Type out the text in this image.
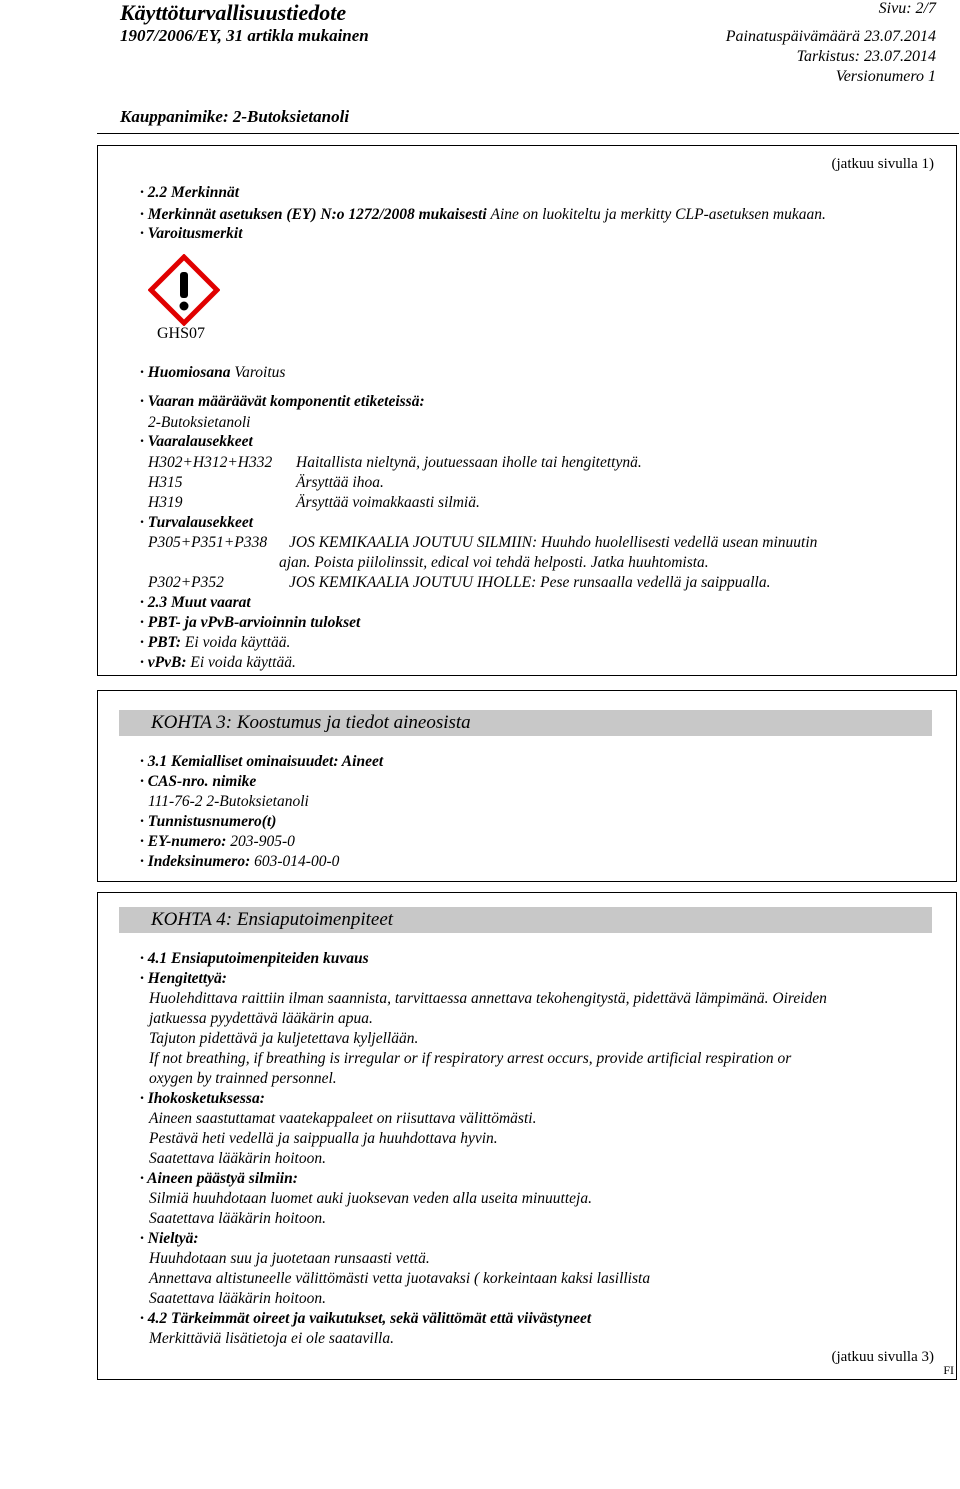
Käyttöturvallisuustiedote
1907/2006/EY, 31 artikla mukainen
Sivu: 2/7
Painatuspäivämäärä 23.07.2014
Tarkistus: 23.07.2014
Versionumero 1
Kauppanimike: 2-Butoksietanoli
(jatkuu sivulla 1)
· 2.2 Merkinnät
· Merkinnät asetuksen (EY) N:o 1272/2008 mukaisesti Aine on luokiteltu ja merkitty CLP-asetuksen mukaan.
· Varoitusmerkit
GHS07
· Huomiosana Varoitus
· Vaaran määräävät komponentit etiketeissä:
2-Butoksietanoli
· Vaaralausekkeet
H302+H312+H332 Haitallista nieltynä, joutuessaan iholle tai hengitettynä.
H315	Ärsyttää ihoa.
H319	Ärsyttää voimakkaasti silmiä.
· Turvalausekkeet
P305+P351+P338 JOS KEMIKAALIA JOUTUU SILMIIN: Huuhdo huolellisesti vedellä usean minuutin
ajan. Poista piilolinssit, edical voi tehdä helposti. Jatka huuhtomista.
P302+P352	JOS KEMIKAALIA JOUTUU IHOLLE: Pese runsaalla vedellä ja saippualla.
· 2.3 Muut vaarat
· PBT- ja vPvB-arvioinnin tulokset
· PBT: Ei voida käyttää.
· vPvB: Ei voida käyttää.
KOHTA 3: Koostumus ja tiedot aineosista
· 3.1 Kemialliset ominaisuudet: Aineet
· CAS-nro. nimike
111-76-2 2-Butoksietanoli
· Tunnistusnumero(t)
· EY-numero: 203-905-0
· Indeksinumero: 603-014-00-0
KOHTA 4: Ensiaputoimenpiteet
· 4.1 Ensiaputoimenpiteiden kuvaus
· Hengitettyä:
Huolehdittava raittiin ilman saannista, tarvittaessa annettava tekohengitystä, pidettävä lämpimänä. Oireiden
jatkuessa pyydettävä lääkärin apua.
Tajuton pidettävä ja kuljetettava kyljellään.
If not breathing, if breathing is irregular or if respiratory arrest occurs, provide artificial respiration or
oxygen by trainned personnel.
· Ihokosketuksessa:
Aineen saastuttamat vaatekappaleet on riisuttava välittömästi.
Pestävä heti vedellä ja saippualla ja huuhdottava hyvin.
Saatettava lääkärin hoitoon.
· Aineen päästyä silmiin:
Silmiä huuhdotaan luomet auki juoksevan veden alla useita minuutteja.
Saatettava lääkärin hoitoon.
· Nieltyä:
Huuhdotaan suu ja juotetaan runsaasti vettä.
Annettava altistuneelle välittömästi vetta juotavaksi ( korkeintaan kaksi lasillista
Saatettava lääkärin hoitoon.
· 4.2 Tärkeimmät oireet ja vaikutukset, sekä välittömät että viivästyneet
Merkittäviä lisätietoja ei ole saatavilla.
(jatkuu sivulla 3)
FI
